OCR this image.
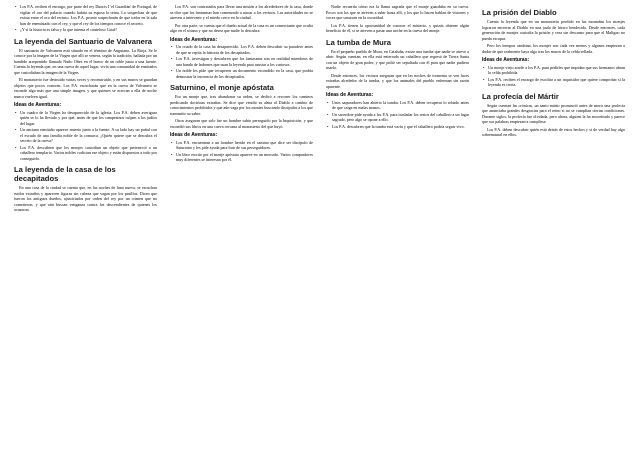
• Los P.A. reciben el encargo, por parte del rey Duncis I 'el Guardián' de Portugal, de vigilar el oro del palacio cuando habita su esposa la reina. Lo sospechan de que exista entre el oro del recinto. Los P.A. pronto sospecharán de que todos en la sala han de enemistado con el rey, y que el rey de los tiempos conoce el secreto.
• ¿Y si la historia es falsa y lo que intenta el cauteloso Grial?
La leyenda del Santuario de Valvanera

El santuario de Valvanera está situado en el término de Anguiano, La Rioja. Se le conoce por la imagen de la Virgen que allí se venera, según la tradición, hallada por un bandido arrepentido llamado Nuño Oñez en el hueco de un roble junto a una fuente. Cuenta la leyenda que, en una cueva de aquel lugar, vivía una comunidad de ermitaños que custodiaban la imagen de la Virgen.

El monasterio fue destruido varias veces y reconstruido, y en sus muros se guardan objetos que pocos conocen. Los P.A. escucharán que en la cueva de Valvanera se esconde algo más que una simple imagen, y que quienes se acercan a ella de noche nunca vuelven igual.

Ideas de Aventuras:
• Un cuadro de la Virgen ha desaparecido de la iglesia. Los P.A. deben averiguar quién se lo ha llevado y por qué, antes de que los campesinos culpen a los judíos del lugar.
• Un anciano ermitaño aparece muerto junto a la fuente. A su lado hay un puñal con el escudo de una familia noble de la comarca. ¿Quién quiere que se descubra el secreto de la cueva?
• Los P.A. descubren que los monjes custodian un objeto que perteneció a un caballero templario. Varios nobles codician ese objeto y están dispuestos a todo por conseguirlo.
La leyenda de la casa de los decapitados

En una casa de la ciudad se cuenta que, en las noches de luna nueva, se escuchan ruidos extraños y aparecen figuras sin cabeza que vagan por los pasillos. Dicen que fueron los antiguos dueños, ajusticiados por orden del rey por un crimen que no cometieron, y que aún buscan venganza contra los descendientes de quienes los acusaron.

Los P.A. son contratados para llevar una misión a los alrededores de la casa, donde se dice que los fantasmas han comenzado a atacar a los vecinos. Las autoridades no se atreven a intervenir y el miedo crece en la ciudad.

Por otra parte, se cuenta que el dueño actual de la casa es un comerciante que oculta algo en el sótano y que no desea que nadie lo descubra.

Ideas de Aventuras:
• Un criado de la casa ha desaparecido. Los P.A. deben descubrir su paradero antes de que se repita la historia de los decapitados.
• Los P.A. investigan y descubren que los fantasmas son en realidad miembros de una banda de ladrones que usan la leyenda para asustar a los curiosos.
• Un noble les pide que recuperen un documento escondido en la casa, que podría demostrar la inocencia de los decapitados.
Saturnino, el monje apóstata

Era un monje que, tras abandonar su orden, se dedicó a recorrer los caminos predicando doctrinas extrañas. Se dice que vendió su alma al Diablo a cambio de conocimientos prohibidos y que aún vaga por los montes buscando discípulos a los que transmitir su saber.

Otros aseguran que solo fue un hombre sabio perseguido por la Inquisición, y que escondió sus libros en una cueva cercana al monasterio del que huyó.

Ideas de Aventuras:
• Los P.A. encuentran a un hombre herido en el camino que dice ser discípulo de Saturnino y les pide ayuda para huir de sus perseguidores.
• Un libro escrito por el monje apóstata aparece en un mercado. Varios compradores muy diferentes se interesan por él.

Nadie recuerda cómo era la llama sagrada que el monje guardaba en su cueva. Pocos son los que se atreven a subir hasta allí, y los que lo hacen hablan de visiones y voces que susurran en la oscuridad.

Los P.A. tienen la oportunidad de conocer el misterio, y quizás obtener algún beneficio de él, si se atreven a pasar una noche en la cueva del monje.

La tumba de Mura

En el pequeño pueblo de Mura, en Cataluña, existe una tumba que nadie se atreve a abrir. Según cuentan, en ella está enterrado un caballero que regresó de Tierra Santa con un objeto de gran poder, y que pidió ser sepultado con él para que nadie pudiera usarlo.

Desde entonces, los vecinos aseguran que en las noches de tormenta se ven luces extrañas alrededor de la tumba, y que los animales del pueblo enferman sin razón aparente.

Ideas de Aventuras:
• Unos saqueadores han abierto la tumba. Los P.A. deben recuperar lo robado antes de que caiga en malas manos.
• Un sacerdote pide ayuda a los P.A. para trasladar los restos del caballero a un lugar sagrado, pero algo se opone a ello.
• Los P.A. descubren que la tumba está vacía y que el caballero podría seguir vivo.
La prisión del Diablo

Cuenta la leyenda que en un monasterio perdido en las montañas los monjes lograron encerrar al Diablo en una jaula de hierro bendecido. Desde entonces, cada generación de monjes custodia la prisión y reza sin descanso para que el Maligno no pueda escapar.

Pero los tiempos cambian, los monjes son cada vez menos y algunos empiezan a dudar de que realmente haya algo tras los muros de la celda sellada.

Ideas de Aventuras:
• Un monje viejo acude a los P.A. para pedirles que impidan que sus hermanos abran la celda prohibida.
• Los P.A. reciben el encargo de escoltar a un inquisidor que quiere comprobar si la leyenda es cierta.
La profecía del Mártir

Según cuentan las crónicas, un santo mártir pronunció antes de morir una profecía que anunciaba grandes desgracias para el reino si no se cumplían ciertas condiciones. Durante siglos, la profecía fue olvidada, pero ahora, alguien la ha encontrado y parece que sus palabras empiezan a cumplirse.

Los P.A. deben descubrir quién está detrás de estos hechos y si de verdad hay algo sobrenatural en ellos.
